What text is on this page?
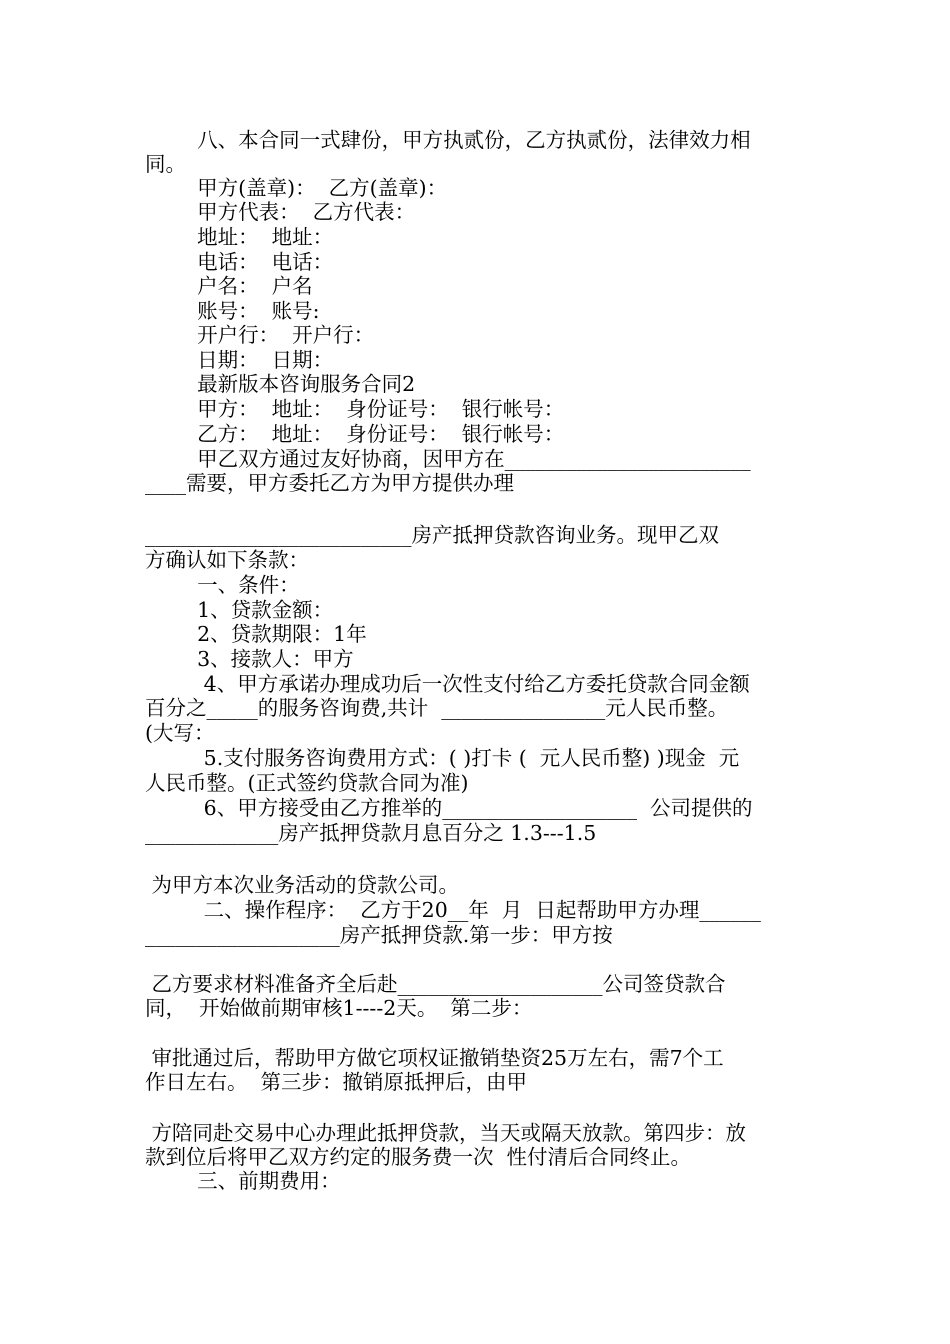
八、本合同一式肆份，甲方执贰份，乙方执贰份，法律效力相
同。
甲方(盖章)：  乙方(盖章)：
甲方代表：  乙方代表：
地址：  地址：
电话：  电话：
户名：  户名
账号：  账号:
开户行：  开户行：
日期：  日期：
最新版本咨询服务合同2
甲方：  地址：  身份证号：  银行帐号：
乙方：  地址：  身份证号：  银行帐号：
甲乙双方通过友好协商，因甲方在________________________
____需要，甲方委托乙方为甲方提供办理
__________________________房产抵押贷款咨询业务。现甲乙双
方确认如下条款：
一、条件：
1、贷款金额：
2、贷款期限：1年
3、接款人：甲方
4、甲方承诺办理成功后一次性支付给乙方委托贷款合同金额
百分之_____的服务咨询费,共计  ________________元人民币整。
(大写：
5.支付服务咨询费用方式：( )打卡 (  元人民币整) )现金  元
人民币整。(正式签约贷款合同为准)
6、甲方接受由乙方推举的___________________  公司提供的
_____________房产抵押贷款月息百分之 1.3---1.5
为甲方本次业务活动的贷款公司。
二、操作程序：  乙方于20__年  月  日起帮助甲方办理______
___________________房产抵押贷款.第一步：甲方按
乙方要求材料准备齐全后赴____________________公司签贷款合
同，  开始做前期审核1----2天。  第二步：
审批通过后，帮助甲方做它项权证撤销垫资25万左右，需7个工
作日左右。  第三步：撤销原抵押后，由甲
方陪同赴交易中心办理此抵押贷款，当天或隔天放款。第四步：放
款到位后将甲乙双方约定的服务费一次  性付清后合同终止。
三、前期费用：
